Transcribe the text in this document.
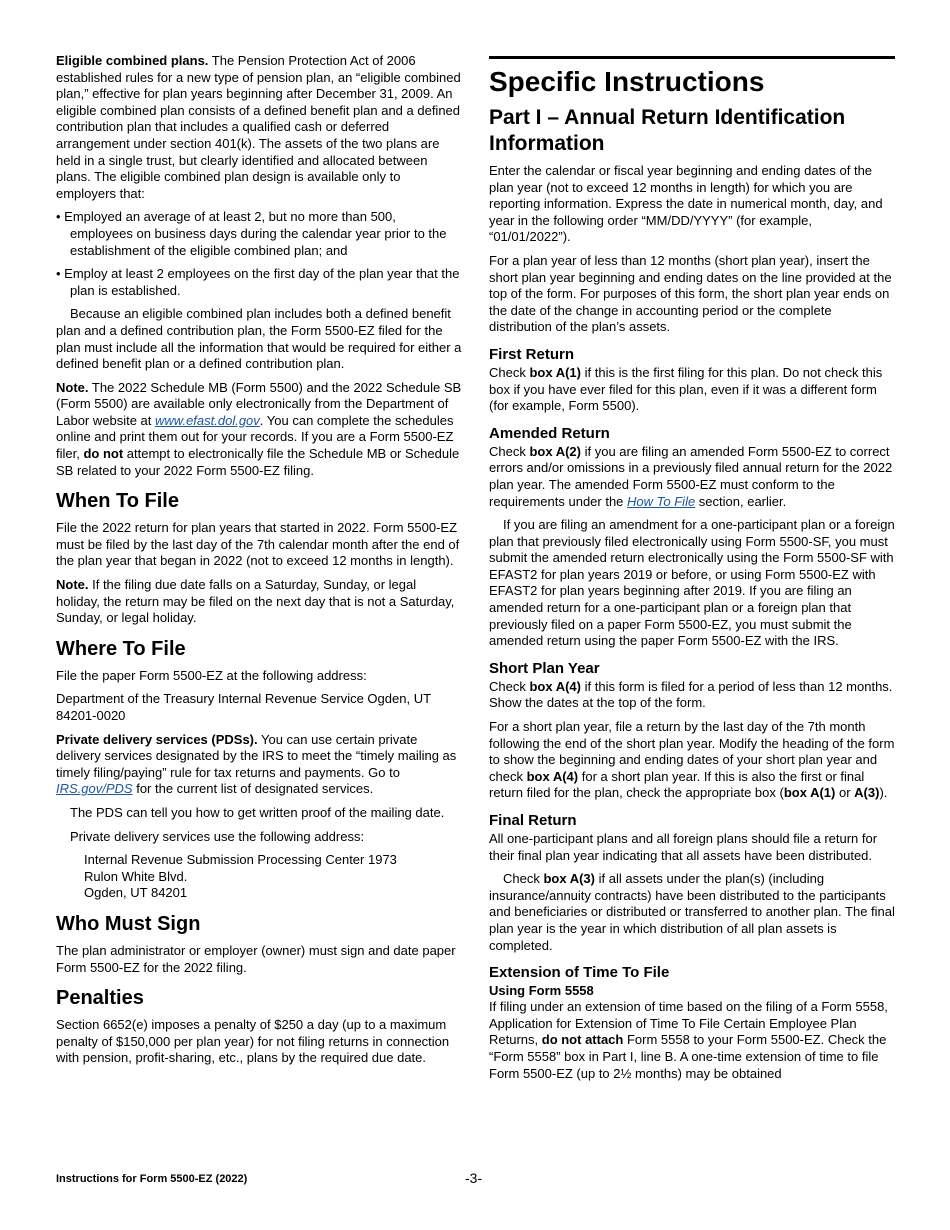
Eligible combined plans. The Pension Protection Act of 2006 established rules for a new type of pension plan, an “eligible combined plan,” effective for plan years beginning after December 31, 2009. An eligible combined plan consists of a defined benefit plan and a defined contribution plan that includes a qualified cash or deferred arrangement under section 401(k). The assets of the two plans are held in a single trust, but clearly identified and allocated between plans. The eligible combined plan design is available only to employers that:

• Employed an average of at least 2, but no more than 500, employees on business days during the calendar year prior to the establishment of the eligible combined plan; and

• Employ at least 2 employees on the first day of the plan year that the plan is established.

Because an eligible combined plan includes both a defined benefit plan and a defined contribution plan, the Form 5500-EZ filed for the plan must include all the information that would be required for either a defined benefit plan or a defined contribution plan.

Note. The 2022 Schedule MB (Form 5500) and the 2022 Schedule SB (Form 5500) are available only electronically from the Department of Labor website at www.efast.dol.gov. You can complete the schedules online and print them out for your records. If you are a Form 5500-EZ filer, do not attempt to electronically file the Schedule MB or Schedule SB related to your 2022 Form 5500-EZ filing.

When To File

File the 2022 return for plan years that started in 2022. Form 5500-EZ must be filed by the last day of the 7th calendar month after the end of the plan year that began in 2022 (not to exceed 12 months in length).

Note. If the filing due date falls on a Saturday, Sunday, or legal holiday, the return may be filed on the next day that is not a Saturday, Sunday, or legal holiday.

Where To File

File the paper Form 5500-EZ at the following address:

Department of the Treasury Internal Revenue Service Ogden, UT 84201-0020

Private delivery services (PDSs). You can use certain private delivery services designated by the IRS to meet the “timely mailing as timely filing/paying” rule for tax returns and payments. Go to IRS.gov/PDS for the current list of designated services.

The PDS can tell you how to get written proof of the mailing date.

Private delivery services use the following address:

Internal Revenue Submission Processing Center 1973
Rulon White Blvd.
Ogden, UT 84201
Who Must Sign

The plan administrator or employer (owner) must sign and date paper Form 5500-EZ for the 2022 filing.

Penalties

Section 6652(e) imposes a penalty of $250 a day (up to a maximum penalty of $150,000 per plan year) for not filing returns in connection with pension, profit-sharing, etc., plans by the required due date.

Specific Instructions
Part I – Annual Return Identification Information

Enter the calendar or fiscal year beginning and ending dates of the plan year (not to exceed 12 months in length) for which you are reporting information. Express the date in numerical month, day, and year in the following order “MM/DD/YYYY” (for example, “01/01/2022”).

For a plan year of less than 12 months (short plan year), insert the short plan year beginning and ending dates on the line provided at the top of the form. For purposes of this form, the short plan year ends on the date of the change in accounting period or the complete distribution of the plan’s assets.

First Return

Check box A(1) if this is the first filing for this plan. Do not check this box if you have ever filed for this plan, even if it was a different form (for example, Form 5500).

Amended Return

Check box A(2) if you are filing an amended Form 5500-EZ to correct errors and/or omissions in a previously filed annual return for the 2022 plan year. The amended Form 5500-EZ must conform to the requirements under the How To File section, earlier.

If you are filing an amendment for a one-participant plan or a foreign plan that previously filed electronically using Form 5500-SF, you must submit the amended return electronically using the Form 5500-SF with EFAST2 for plan years 2019 or before, or using Form 5500-EZ with EFAST2 for plan years beginning after 2019. If you are filing an amended return for a one-participant plan or a foreign plan that previously filed on a paper Form 5500-EZ, you must submit the amended return using the paper Form 5500-EZ with the IRS.

Short Plan Year

Check box A(4) if this form is filed for a period of less than 12 months. Show the dates at the top of the form.

For a short plan year, file a return by the last day of the 7th month following the end of the short plan year. Modify the heading of the form to show the beginning and ending dates of your short plan year and check box A(4) for a short plan year. If this is also the first or final return filed for the plan, check the appropriate box (box A(1) or A(3)).

Final Return

All one-participant plans and all foreign plans should file a return for their final plan year indicating that all assets have been distributed.

Check box A(3) if all assets under the plan(s) (including insurance/annuity contracts) have been distributed to the participants and beneficiaries or distributed or transferred to another plan. The final plan year is the year in which distribution of all plan assets is completed.

Extension of Time To File
Using Form 5558

If filing under an extension of time based on the filing of a Form 5558, Application for Extension of Time To File Certain Employee Plan Returns, do not attach Form 5558 to your Form 5500-EZ. Check the “Form 5558” box in Part I, line B. A one-time extension of time to file Form 5500-EZ (up to 2½ months) may be obtained

Instructions for Form 5500-EZ (2022)	-3-
